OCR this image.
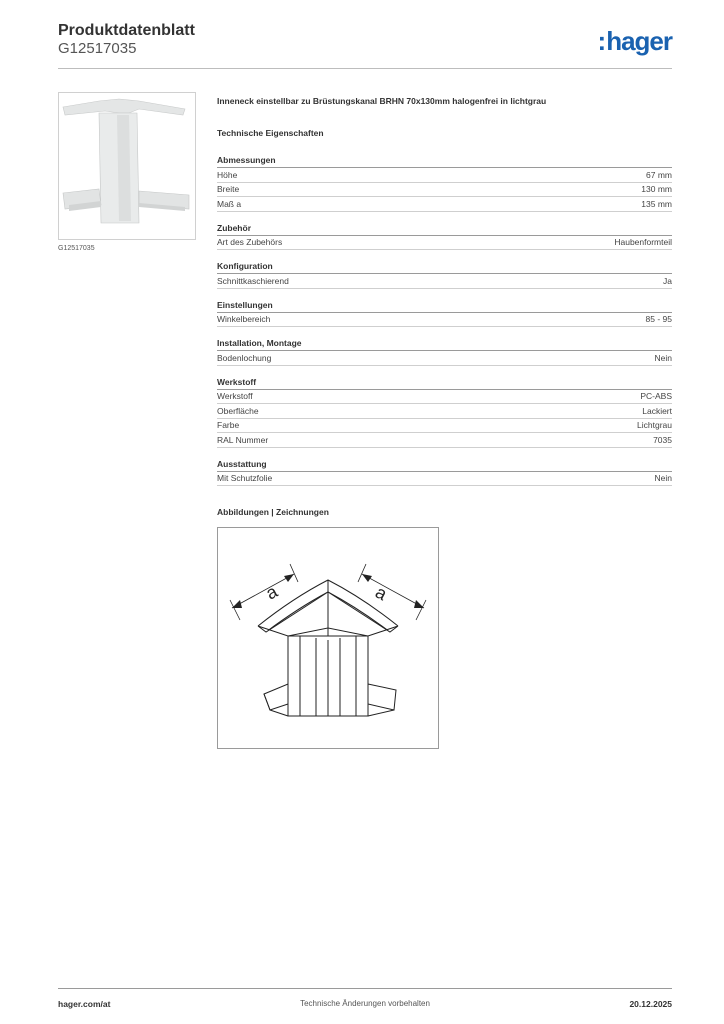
Produktdatenblatt
G12517035	:hager
G12517035
Inneneck einstellbar zu Brüstungskanal BRHN 70x130mm halogenfrei in lichtgrau
Technische Eigenschaften
Abmessungen
Höhe	67 mm
Breite	130 mm
Maß a	135 mm
Zubehör
Art des Zubehörs	Haubenformteil
Konfiguration
Schnittkaschierend	Ja
Einstellungen
Winkelbereich	85 - 95
Installation, Montage
Bodenlochung	Nein
Werkstoff
Werkstoff	PC-ABS
Oberfläche	Lackiert
Farbe	Lichtgrau
RAL Nummer	7035
Ausstattung
Mit Schutzfolie	Nein
Abbildungen | Zeichnungen
a	a
hager.com/at	Technische Änderungen vorbehalten	20.12.2025
